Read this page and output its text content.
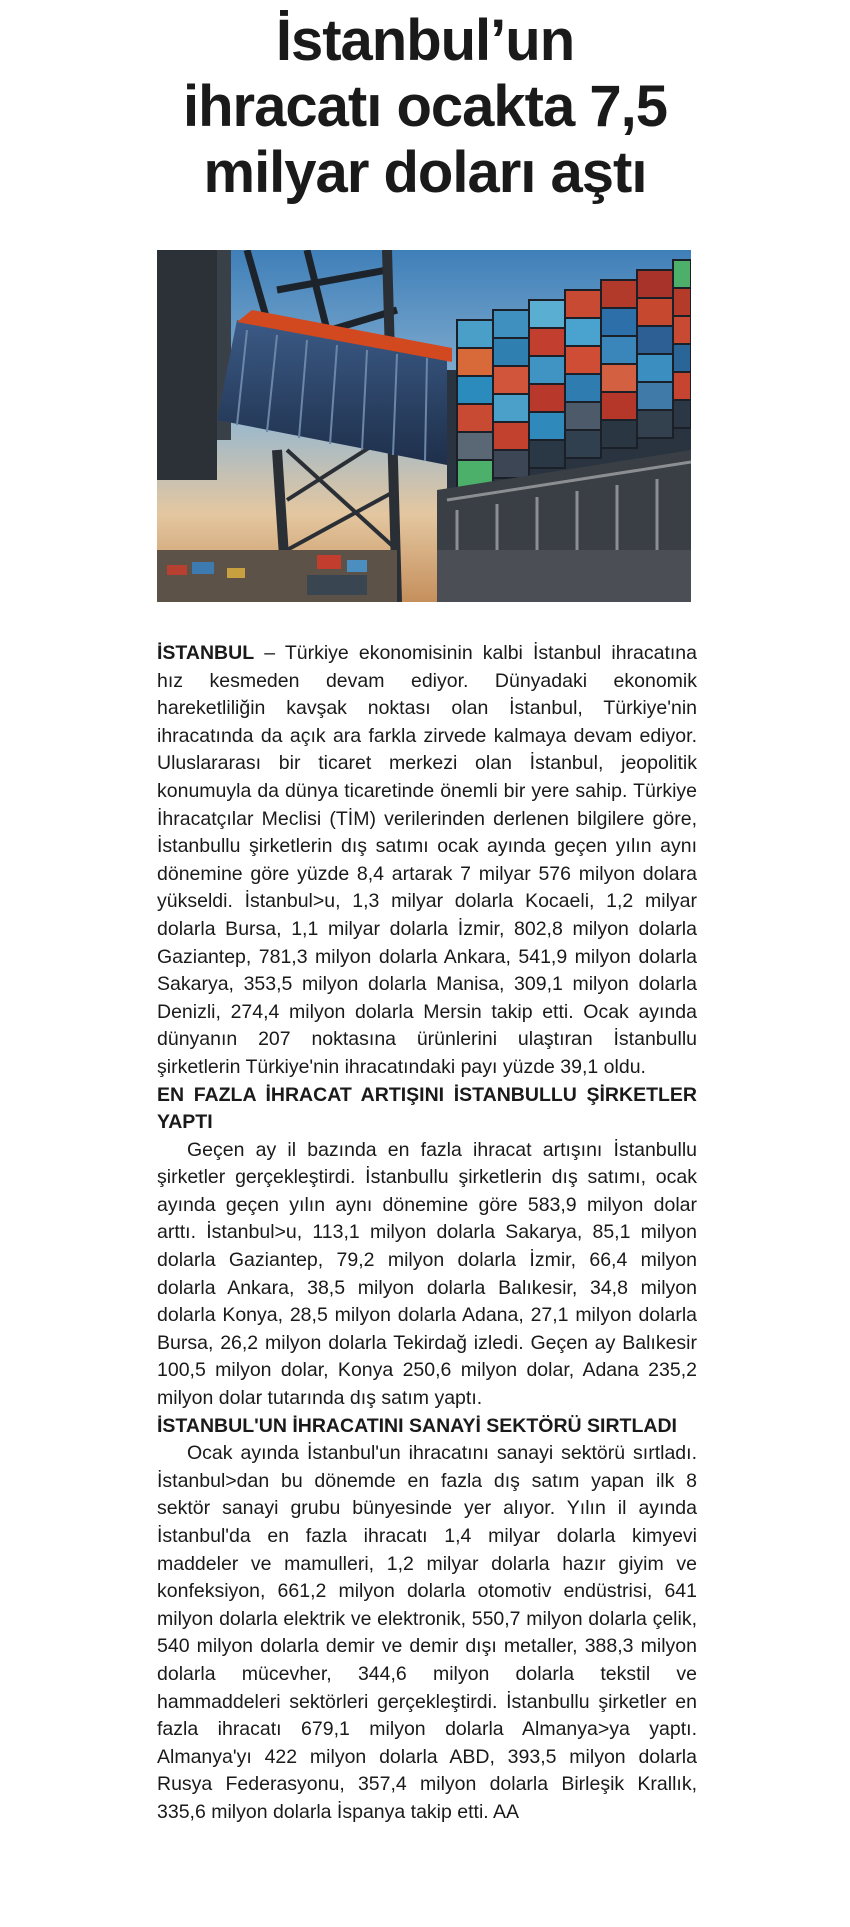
İstanbul’un
ihracatı ocakta 7,5
milyar doları aştı

İSTANBUL – Türkiye ekonomisinin kalbi İstanbul ihracatına hız kesmeden devam ediyor. Dünyadaki ekonomik hareketliliğin kavşak noktası olan İstanbul, Türkiye'nin ihracatında da açık ara farkla zirvede kalmaya devam ediyor. Uluslararası bir ticaret merkezi olan İstanbul, jeopolitik konumuyla da dünya ticaretinde önemli bir yere sahip. Türkiye İhracatçılar Meclisi (TİM) verilerinden derlenen bilgilere göre, İstanbullu şirketlerin dış satımı ocak ayında geçen yılın aynı dönemine göre yüzde 8,4 artarak 7 milyar 576 milyon dolara yükseldi. İstanbul>u, 1,3 milyar dolarla Kocaeli, 1,2 milyar dolarla Bursa, 1,1 milyar dolarla İzmir, 802,8 milyon dolarla Gaziantep, 781,3 milyon dolarla Ankara, 541,9 milyon dolarla Sakarya, 353,5 milyon dolarla Manisa, 309,1 milyon dolarla Denizli, 274,4 milyon dolarla Mersin takip etti. Ocak ayında dünyanın 207 noktasına ürünlerini ulaştıran İstanbullu şirketlerin Türkiye'nin ihracatındaki payı yüzde 39,1 oldu.

EN FAZLA İHRACAT ARTIŞINI İSTANBULLU ŞİRKETLER YAPTI

Geçen ay il bazında en fazla ihracat artışını İstanbullu şirketler gerçekleştirdi. İstanbullu şirketlerin dış satımı, ocak ayında geçen yılın aynı dönemine göre 583,9 milyon dolar arttı. İstanbul>u, 113,1 milyon dolarla Sakarya, 85,1 milyon dolarla Gaziantep, 79,2 milyon dolarla İzmir, 66,4 milyon dolarla Ankara, 38,5 milyon dolarla Balıkesir, 34,8 milyon dolarla Konya, 28,5 milyon dolarla Adana, 27,1 milyon dolarla Bursa, 26,2 milyon dolarla Tekirdağ izledi. Geçen ay Balıkesir 100,5 milyon dolar, Konya 250,6 milyon dolar, Adana 235,2 milyon dolar tutarında dış satım yaptı.

İSTANBUL'UN İHRACATINI SANAYİ SEKTÖRÜ SIRTLADI

Ocak ayında İstanbul'un ihracatını sanayi sektörü sırtladı. İstanbul>dan bu dönemde en fazla dış satım yapan ilk 8 sektör sanayi grubu bünyesinde yer alıyor. Yılın il ayında İstanbul'da en fazla ihracatı 1,4 milyar dolarla kimyevi maddeler ve mamulleri, 1,2 milyar dolarla hazır giyim ve konfeksiyon, 661,2 milyon dolarla otomotiv endüstrisi, 641 milyon dolarla elektrik ve elektronik, 550,7 milyon dolarla çelik, 540 milyon dolarla demir ve demir dışı metaller, 388,3 milyon dolarla mücevher, 344,6 milyon dolarla tekstil ve hammaddeleri sektörleri gerçekleştirdi. İstanbullu şirketler en fazla ihracatı 679,1 milyon dolarla Almanya>ya yaptı. Almanya'yı 422 milyon dolarla ABD, 393,5 milyon dolarla Rusya Federasyonu, 357,4 milyon dolarla Birleşik Krallık, 335,6 milyon dolarla İspanya takip etti. AA
